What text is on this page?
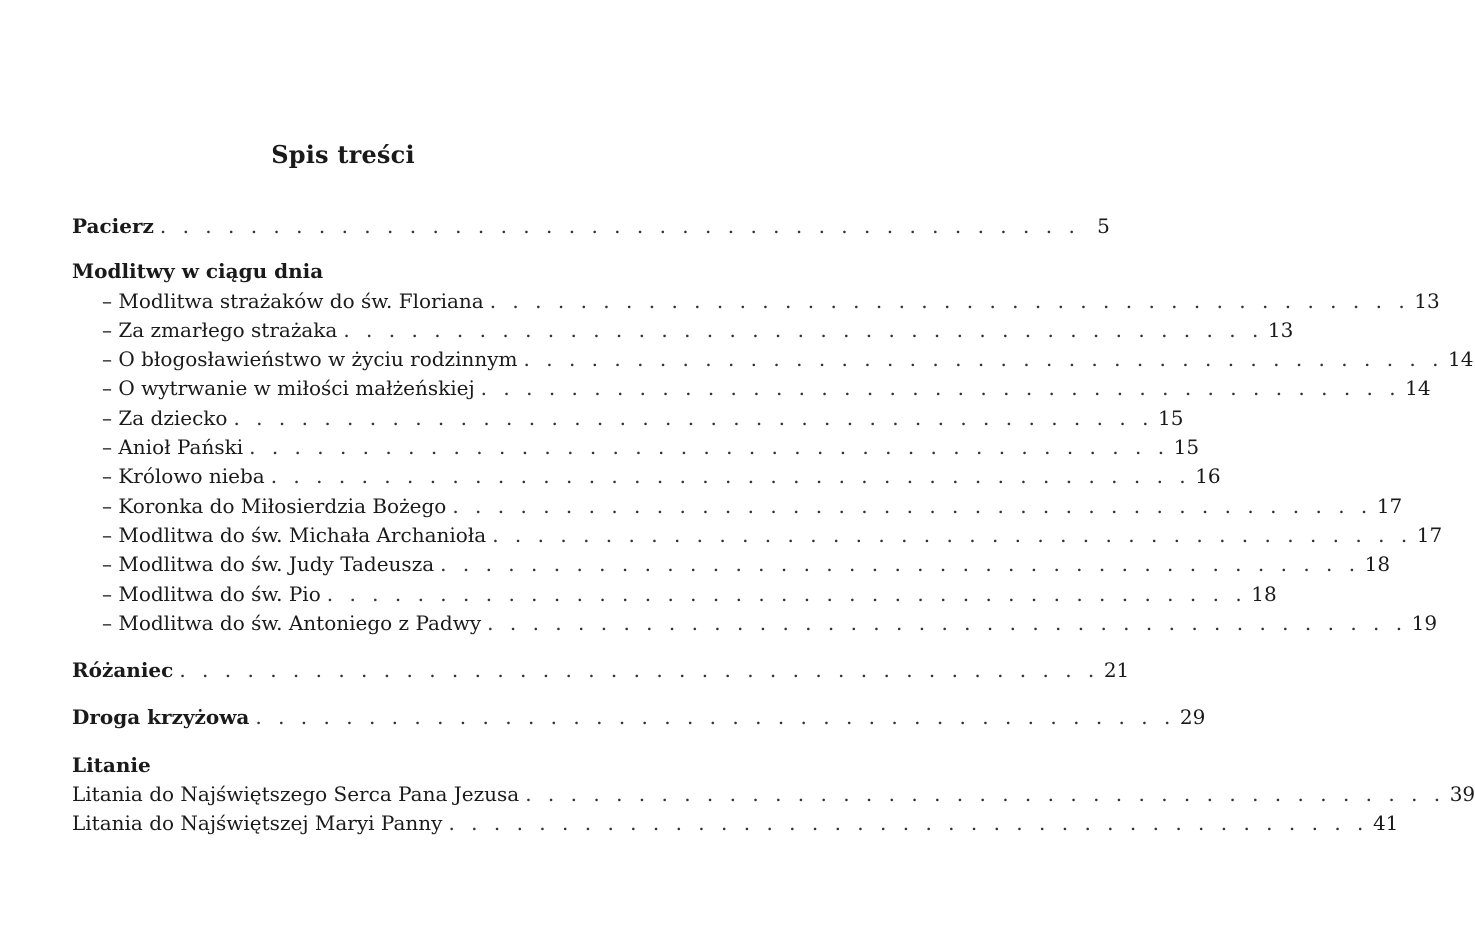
Spis treści
Pacierz . . . . . . . . . . . . . . . . . . . . . . . . . . . . . . . . . . . . . . . . . 5
Modlitwy w ciągu dnia
– Modlitwa strażaków do św. Floriana . . . . . . . . . . . . . . . . . . . . . . . . . . . . . . . . . . . . . . . . . 13
– Za zmarłego strażaka . . . . . . . . . . . . . . . . . . . . . . . . . . . . . . . . . . . . . . . . . 13
– O błogosławieństwo w życiu rodzinnym . . . . . . . . . . . . . . . . . . . . . . . . . . . . . . . . . . . . . . . . . 14
– O wytrwanie w miłości małżeńskiej . . . . . . . . . . . . . . . . . . . . . . . . . . . . . . . . . . . . . . . . . 14
– Za dziecko . . . . . . . . . . . . . . . . . . . . . . . . . . . . . . . . . . . . . . . . . 15
– Anioł Pański . . . . . . . . . . . . . . . . . . . . . . . . . . . . . . . . . . . . . . . . . 15
– Królowo nieba . . . . . . . . . . . . . . . . . . . . . . . . . . . . . . . . . . . . . . . . . 16
– Koronka do Miłosierdzia Bożego . . . . . . . . . . . . . . . . . . . . . . . . . . . . . . . . . . . . . . . . . 17
– Modlitwa do św. Michała Archanioła . . . . . . . . . . . . . . . . . . . . . . . . . . . . . . . . . . . . . . . . . 17
– Modlitwa do św. Judy Tadeusza . . . . . . . . . . . . . . . . . . . . . . . . . . . . . . . . . . . . . . . . . 18
– Modlitwa do św. Pio . . . . . . . . . . . . . . . . . . . . . . . . . . . . . . . . . . . . . . . . . 18
– Modlitwa do św. Antoniego z Padwy . . . . . . . . . . . . . . . . . . . . . . . . . . . . . . . . . . . . . . . . . 19
Różaniec . . . . . . . . . . . . . . . . . . . . . . . . . . . . . . . . . . . . . . . . . 21
Droga krzyżowa . . . . . . . . . . . . . . . . . . . . . . . . . . . . . . . . . . . . . . . . . 29
Litanie
Litania do Najświętszego Serca Pana Jezusa . . . . . . . . . . . . . . . . . . . . . . . . . . . . . . . . . . . . . . . . . 39
Litania do Najświętszej Maryi Panny . . . . . . . . . . . . . . . . . . . . . . . . . . . . . . . . . . . . . . . . . 41
